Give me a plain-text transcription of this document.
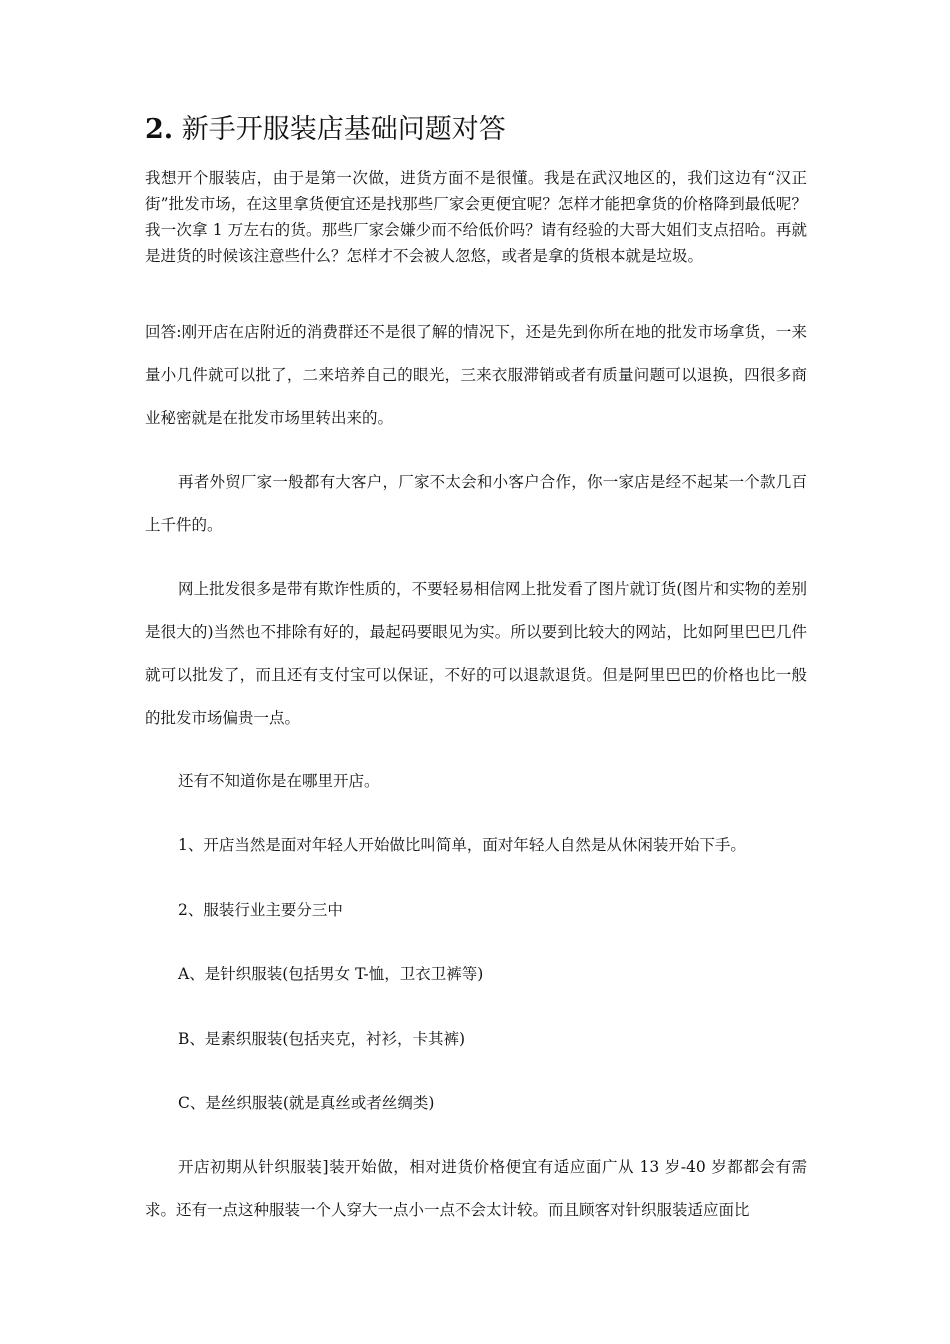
2. 新手开服装店基础问题对答

我想开个服装店，由于是第一次做，进货方面不是很懂。我是在武汉地区的，我们这边有“汉正街”批发市场，在这里拿货便宜还是找那些厂家会更便宜呢？怎样才能把拿货的价格降到最低呢？我一次拿 1 万左右的货。那些厂家会嫌少而不给低价吗？请有经验的大哥大姐们支点招哈。再就是进货的时候该注意些什么？怎样才不会被人忽悠，或者是拿的货根本就是垃圾。

回答:刚开店在店附近的消费群还不是很了解的情况下，还是先到你所在地的批发市场拿货，一来量小几件就可以批了，二来培养自己的眼光，三来衣服滞销或者有质量问题可以退换，四很多商业秘密就是在批发市场里转出来的。

再者外贸厂家一般都有大客户，厂家不太会和小客户合作，你一家店是经不起某一个款几百上千件的。

网上批发很多是带有欺诈性质的，不要轻易相信网上批发看了图片就订货(图片和实物的差别是很大的)当然也不排除有好的，最起码要眼见为实。所以要到比较大的网站，比如阿里巴巴几件就可以批发了，而且还有支付宝可以保证，不好的可以退款退货。但是阿里巴巴的价格也比一般的批发市场偏贵一点。

还有不知道你是在哪里开店。

1、开店当然是面对年轻人开始做比叫简单，面对年轻人自然是从休闲装开始下手。

2、服装行业主要分三中

A、是针织服装(包括男女 T-恤，卫衣卫裤等)

B、是素织服装(包括夹克，衬衫，卡其裤)

C、是丝织服装(就是真丝或者丝绸类)

开店初期从针织服装]装开始做，相对进货价格便宜有适应面广从 13 岁-40 岁都都会有需求。还有一点这种服装一个人穿大一点小一点不会太计较。而且顾客对针织服装适应面比
